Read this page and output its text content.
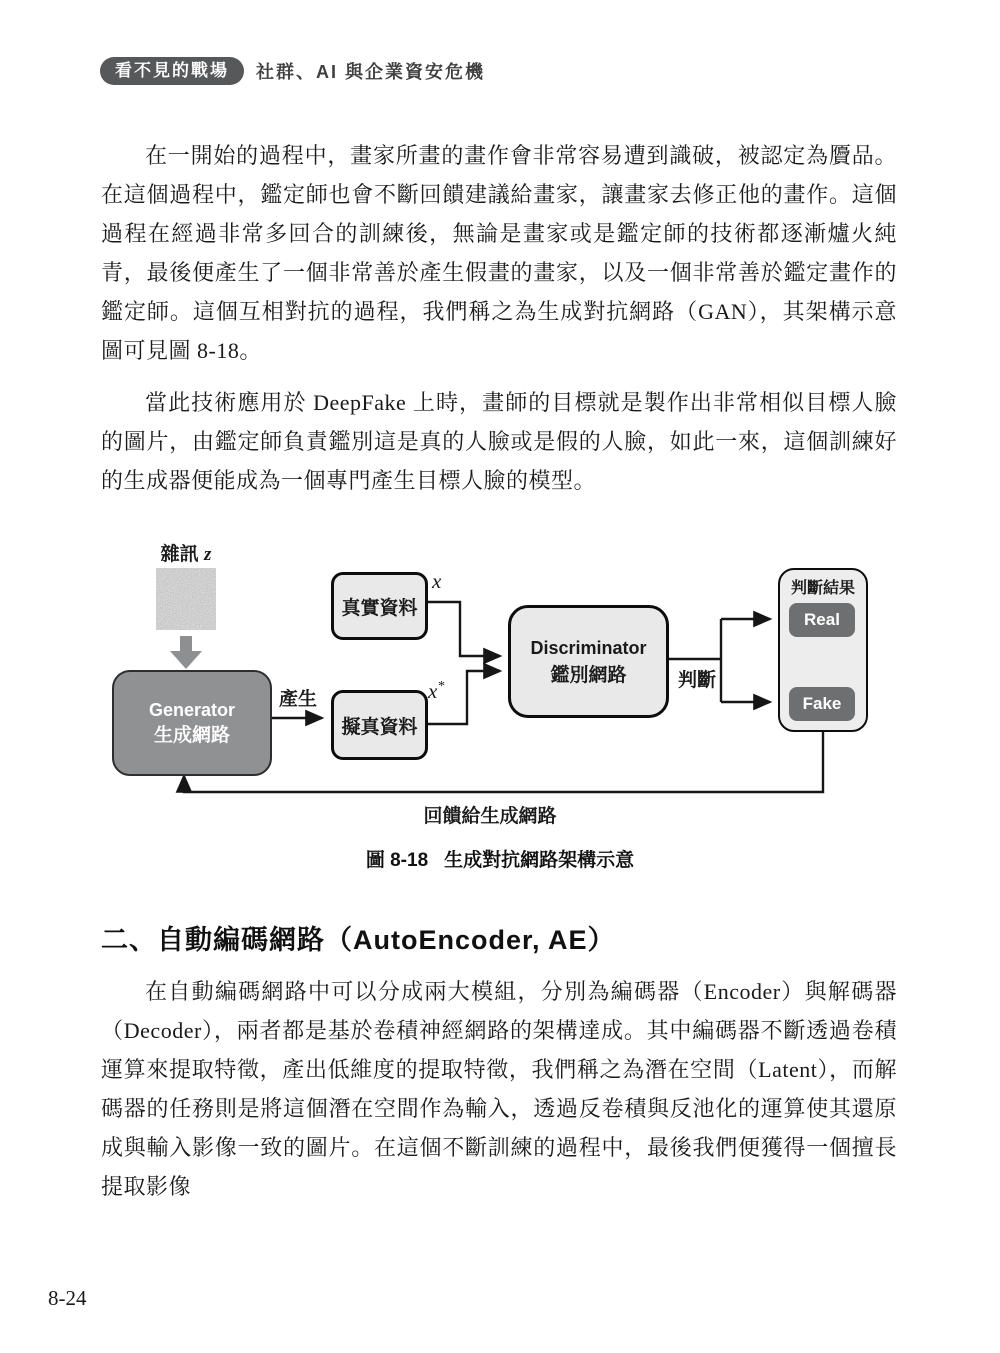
看不見的戰場	社群、AI 與企業資安危機

在一開始的過程中，畫家所畫的畫作會非常容易遭到識破，被認定為贗品。在這個過程中，鑑定師也會不斷回饋建議給畫家，讓畫家去修正他的畫作。這個過程在經過非常多回合的訓練後，無論是畫家或是鑑定師的技術都逐漸爐火純青，最後便產生了一個非常善於產生假畫的畫家，以及一個非常善於鑑定畫作的鑑定師。這個互相對抗的過程，我們稱之為生成對抗網路（GAN），其架構示意圖可見圖 8-18。

當此技術應用於 DeepFake 上時，畫師的目標就是製作出非常相似目標人臉的圖片，由鑑定師負責鑑別這是真的人臉或是假的人臉，如此一來，這個訓練好的生成器便能成為一個專門產生目標人臉的模型。

雜訊 z
Generator
生成網路
真實資料
擬真資料
x
x*
產生
Discriminator
鑑別網路	判斷
判斷結果
Real
Fake
回饋給生成網路
圖 8-18 生成對抗網路架構示意
二、自動編碼網路（AutoEncoder, AE）

在自動編碼網路中可以分成兩大模組，分別為編碼器（Encoder）與解碼器（Decoder），兩者都是基於卷積神經網路的架構達成。其中編碼器不斷透過卷積運算來提取特徵，產出低維度的提取特徵，我們稱之為潛在空間（Latent），而解碼器的任務則是將這個潛在空間作為輸入，透過反卷積與反池化的運算使其還原成與輸入影像一致的圖片。在這個不斷訓練的過程中，最後我們便獲得一個擅長提取影像

8-24
